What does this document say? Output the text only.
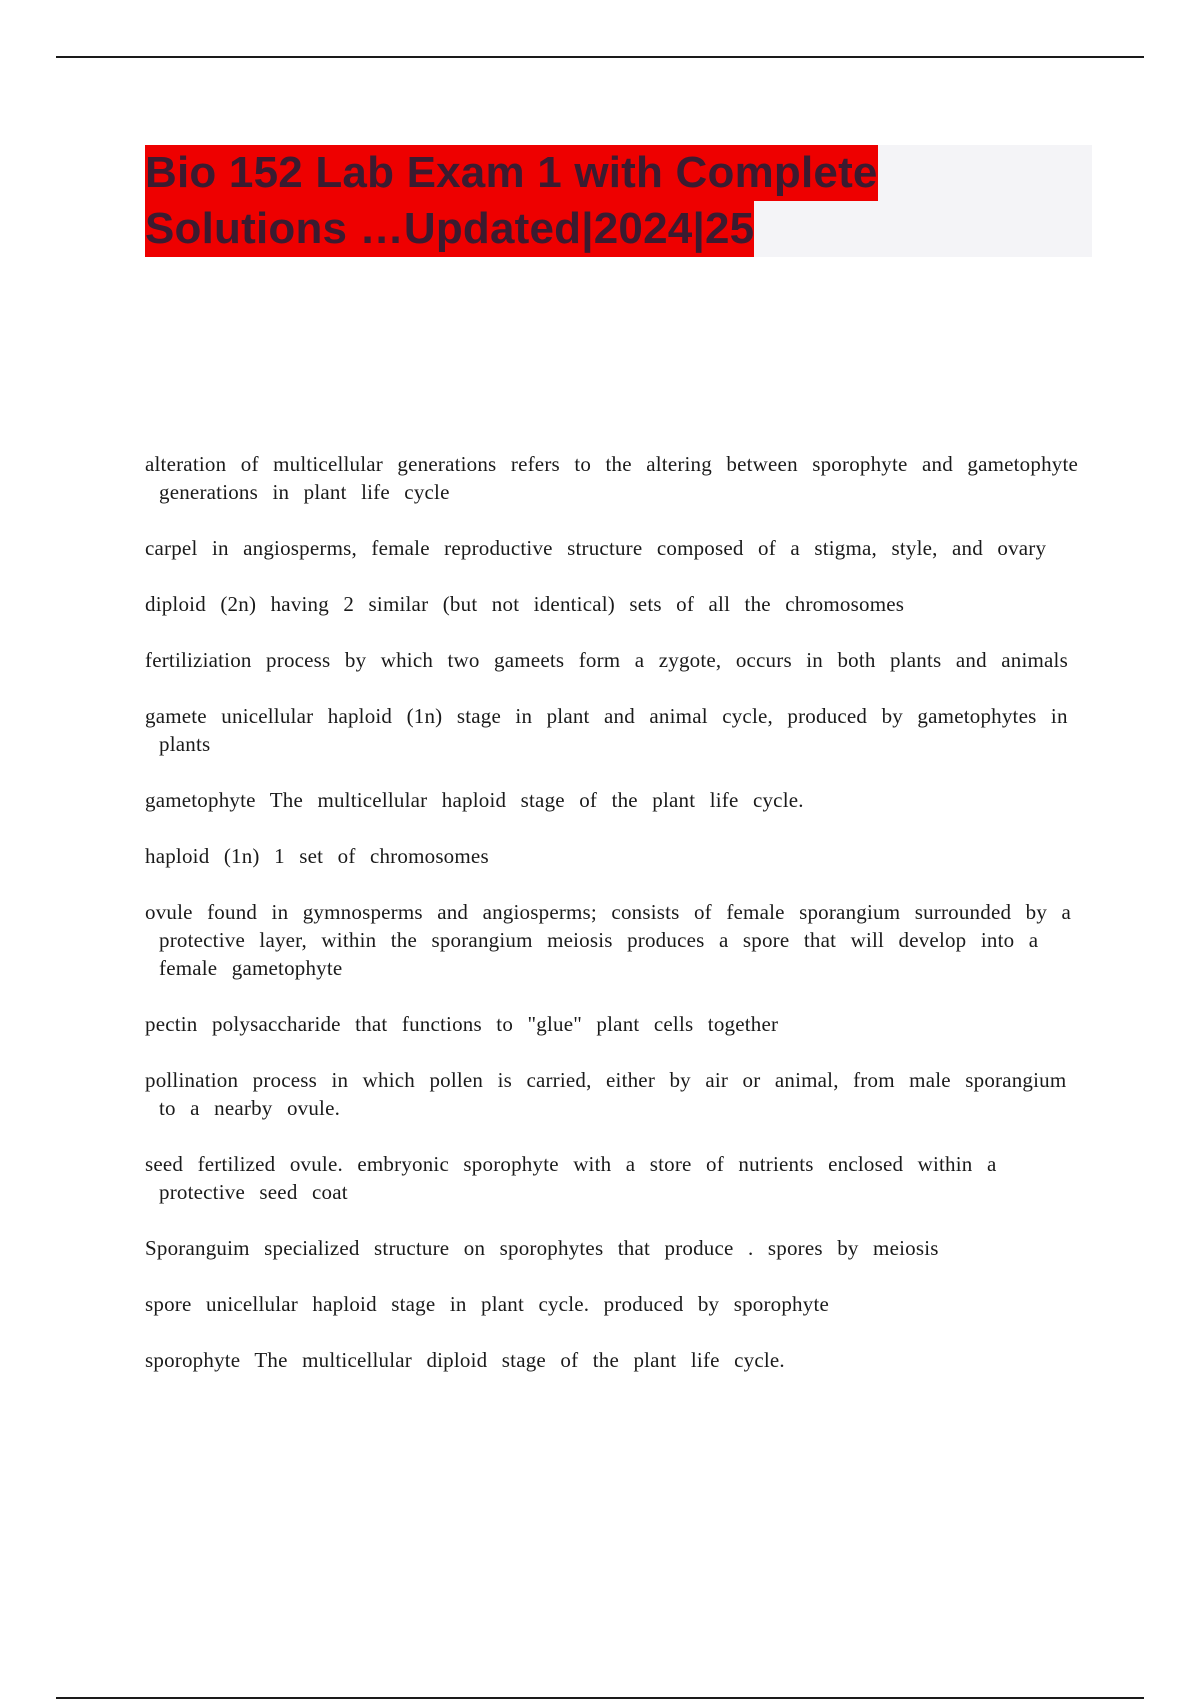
Bio 152 Lab Exam 1 with Complete
Solutions …Updated|2024|25
alteration of multicellular generations refers to the altering between sporophyte and gametophyte generations in plant life cycle
carpel in angiosperms, female reproductive structure composed of a stigma, style, and ovary
diploid (2n) having 2 similar (but not identical) sets of all the chromosomes
fertiliziation process by which two gameets form a zygote, occurs in both plants and animals
gamete unicellular haploid (1n) stage in plant and animal cycle, produced by gametophytes in plants
gametophyte The multicellular haploid stage of the plant life cycle.
haploid (1n) 1 set of chromosomes
ovule found in gymnosperms and angiosperms; consists of female sporangium surrounded by a protective layer, within the sporangium meiosis produces a spore that will develop into a female gametophyte
pectin polysaccharide that functions to "glue" plant cells together
pollination process in which pollen is carried, either by air or animal, from male sporangium to a nearby ovule.
seed fertilized ovule. embryonic sporophyte with a store of nutrients enclosed within a protective seed coat
Sporanguim specialized structure on sporophytes that produce . spores by meiosis
spore unicellular haploid stage in plant cycle. produced by sporophyte
sporophyte The multicellular diploid stage of the plant life cycle.
